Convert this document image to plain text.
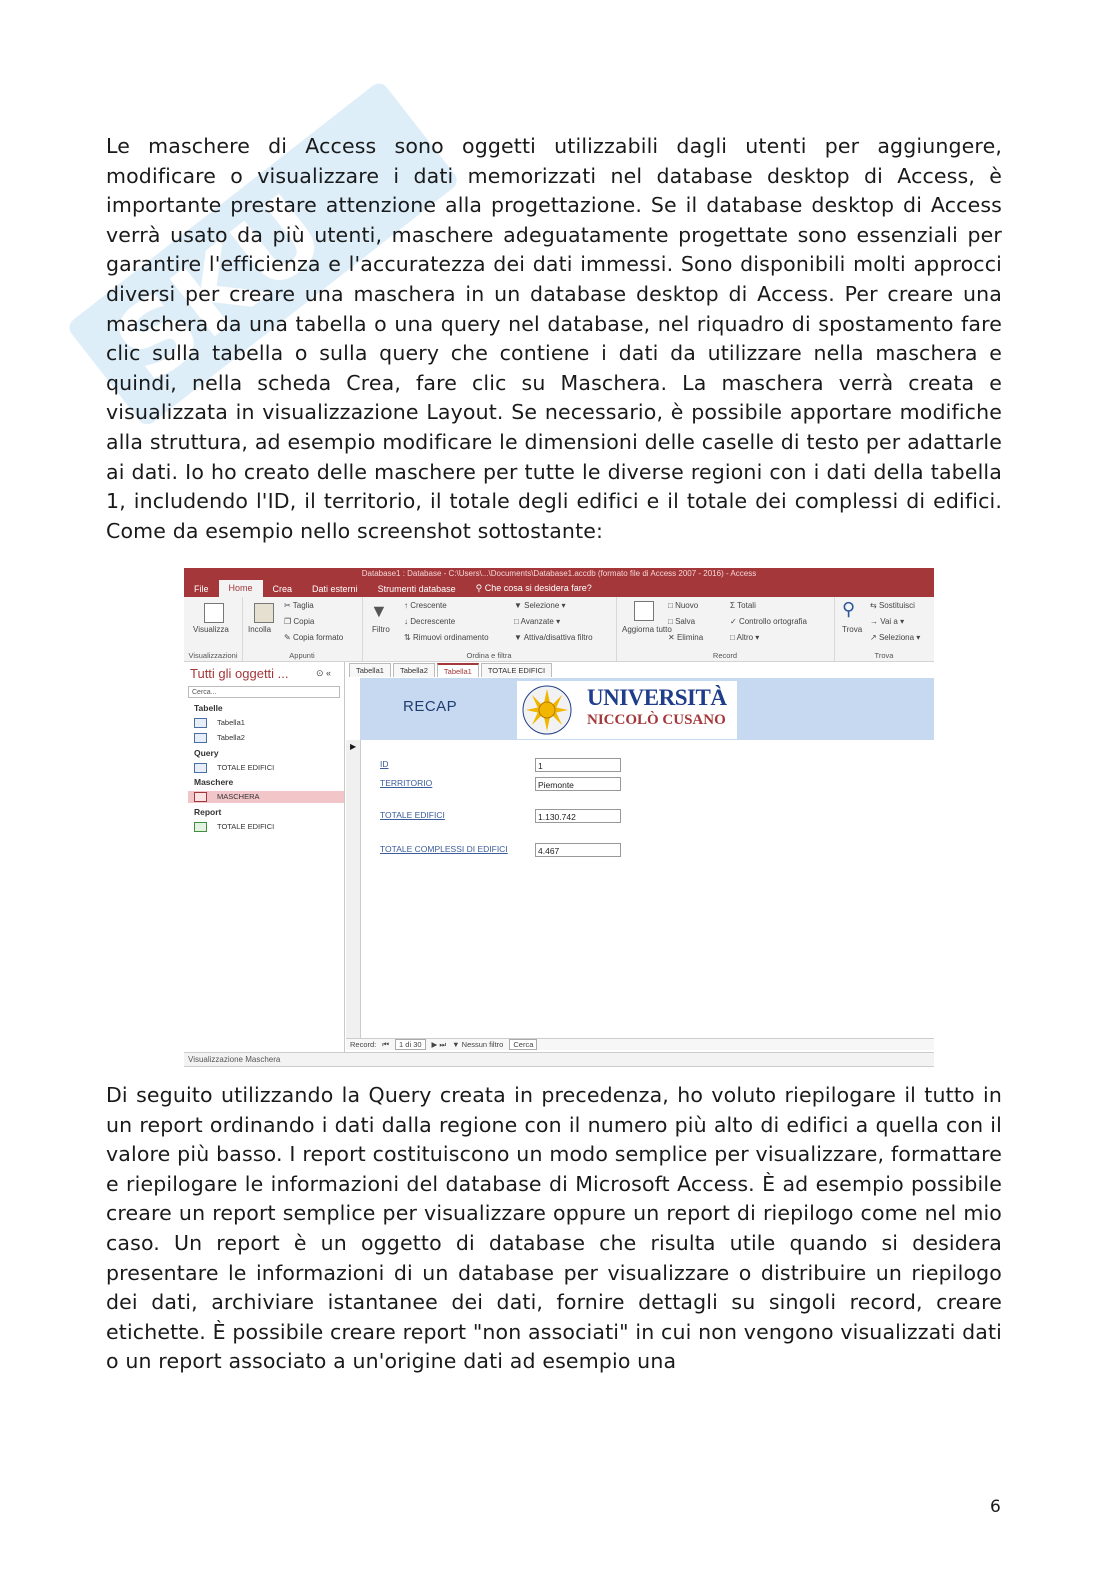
SKU

Le maschere di Access sono oggetti utilizzabili dagli utenti per aggiungere, modificare o visualizzare i dati memorizzati nel database desktop di Access, è importante prestare attenzione alla progettazione. Se il database desktop di Access verrà usato da più utenti, maschere adeguatamente progettate sono essenziali per garantire l'efficienza e l'accuratezza dei dati immessi. Sono disponibili molti approcci diversi per creare una maschera in un database desktop di Access. Per creare una maschera da una tabella o una query nel database, nel riquadro di spostamento fare clic sulla tabella o sulla query che contiene i dati da utilizzare nella maschera e quindi, nella scheda Crea, fare clic su Maschera. La maschera verrà creata e visualizzata in visualizzazione Layout. Se necessario, è possibile apportare modifiche alla struttura, ad esempio modificare le dimensioni delle caselle di testo per adattarle ai dati. Io ho creato delle maschere per tutte le diverse regioni con i dati della tabella 1, includendo l'ID, il territorio, il totale degli edifici e il totale dei complessi di edifici. Come da esempio nello screenshot sottostante:

Database1 : Database - C:\Users\...\Documents\Database1.accdb (formato file di Access 2007 - 2016) - Access
File	Home	Crea	Dati esterni	Strumenti database	⚲ Che cosa si desidera fare?
Visualizza
Visualizzazioni
Incolla
✂ Taglia
❐ Copia
✎ Copia formato
Appunti
▼
Filtro
↑ Crescente
↓ Decrescente
⇅ Rimuovi ordinamento
▼ Selezione ▾
□ Avanzate ▾
▼ Attiva/disattiva filtro
Ordina e filtra
Aggiorna tutto
□ Nuovo
□ Salva
✕ Elimina
Σ Totali
✓ Controllo ortografia
□ Altro ▾
Record
⚲
Trova
⇆ Sostituisci
→ Vai a ▾
↗ Seleziona ▾
Trova
Tutti gli oggetti ...	⊙ «
Cerca...
Tabelle
Tabella1
Tabella2
Query
TOTALE EDIFICI
Maschere
MASCHERA
Report
TOTALE EDIFICI
Tabella1	Tabella2	Tabella1	TOTALE EDIFICI
RECAP	UNIVERSITÀ
NICCOLÒ CUSANO
▶
ID	1
TERRITORIO	Piemonte
TOTALE EDIFICI	1.130.742
TOTALE COMPLESSI DI EDIFICI	4.467
Record: ⏮	1 di 30	▶ ⏭ ▼ Nessun filtro	Cerca
Visualizzazione Maschera

Di seguito utilizzando la Query creata in precedenza, ho voluto riepilogare il tutto in un report ordinando i dati dalla regione con il numero più alto di edifici a quella con il valore più basso. I report costituiscono un modo semplice per visualizzare, formattare e riepilogare le informazioni del database di Microsoft Access. È ad esempio possibile creare un report semplice per visualizzare oppure un report di riepilogo come nel mio caso. Un report è un oggetto di database che risulta utile quando si desidera presentare le informazioni di un database per visualizzare o distribuire un riepilogo dei dati, archiviare istantanee dei dati, fornire dettagli su singoli record, creare etichette. È possibile creare report "non associati" in cui non vengono visualizzati dati o un report associato a un'origine dati ad esempio una

6
